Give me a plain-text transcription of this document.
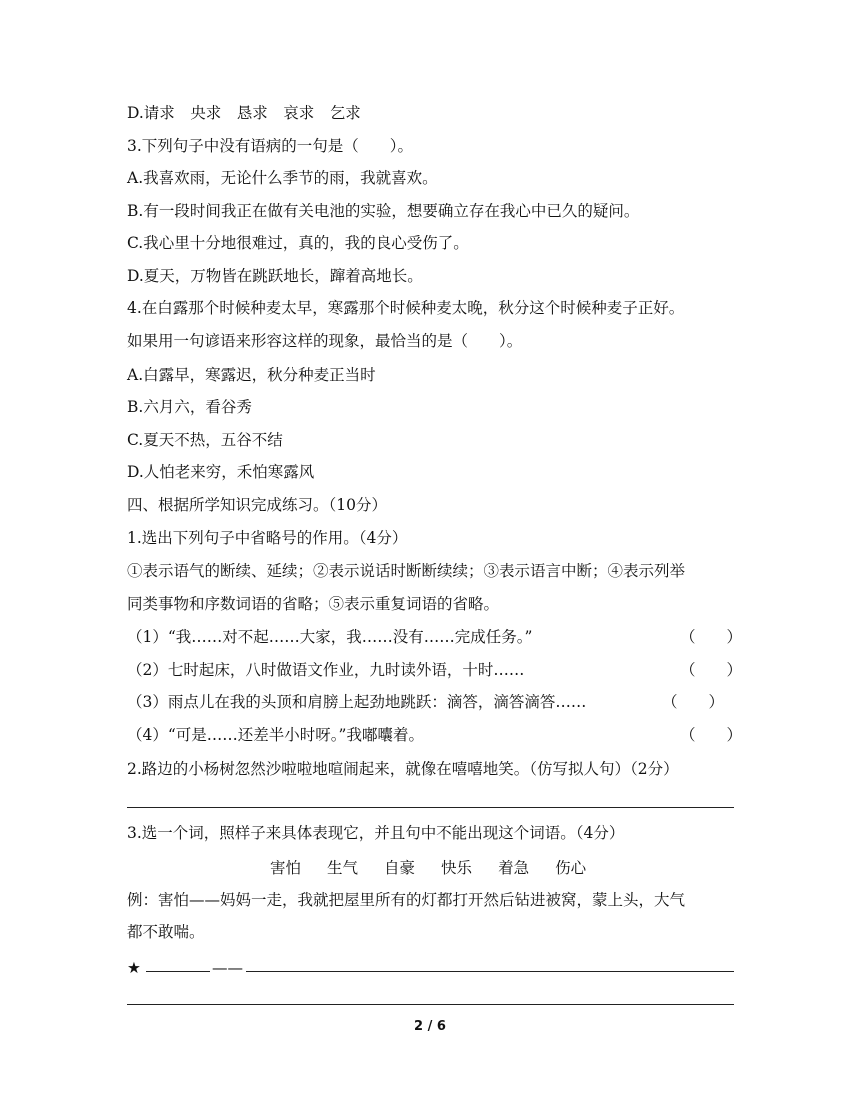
D.请求　央求　恳求　哀求　乞求
3.下列句子中没有语病的一句是（　　）。
A.我喜欢雨，无论什么季节的雨，我就喜欢。
B.有一段时间我正在做有关电池的实验，想要确立存在我心中已久的疑问。
C.我心里十分地很难过，真的，我的良心受伤了。
D.夏天，万物皆在跳跃地长，蹿着高地长。
4.在白露那个时候种麦太早，寒露那个时候种麦太晚，秋分这个时候种麦子正好。
如果用一句谚语来形容这样的现象，最恰当的是（　　）。
A.白露早，寒露迟，秋分种麦正当时
B.六月六，看谷秀
C.夏天不热，五谷不结
D.人怕老来穷，禾怕寒露风
四、根据所学知识完成练习。（10分）
1.选出下列句子中省略号的作用。（4分）
①表示语气的断续、延续；②表示说话时断断续续；③表示语言中断；④表示列举
同类事物和序数词语的省略；⑤表示重复词语的省略。
（1）“我……对不起……大家，我……没有……完成任务。”	（　　）
（2）七时起床，八时做语文作业，九时读外语，十时……	（　　）
（3）雨点儿在我的头顶和肩膀上起劲地跳跃：滴答，滴答滴答……	（　　）
（4）“可是……还差半小时呀。”我嘟囔着。	（　　）
2.路边的小杨树忽然沙啦啦地喧闹起来，就像在嘻嘻地笑。（仿写拟人句）（2分）
3.选一个词，照样子来具体表现它，并且句中不能出现这个词语。（4分）
害怕 生气 自豪 快乐 着急 伤心
例：害怕——妈妈一走，我就把屋里所有的灯都打开然后钻进被窝，蒙上头，大气
都不敢喘。
★	——
2 / 6
